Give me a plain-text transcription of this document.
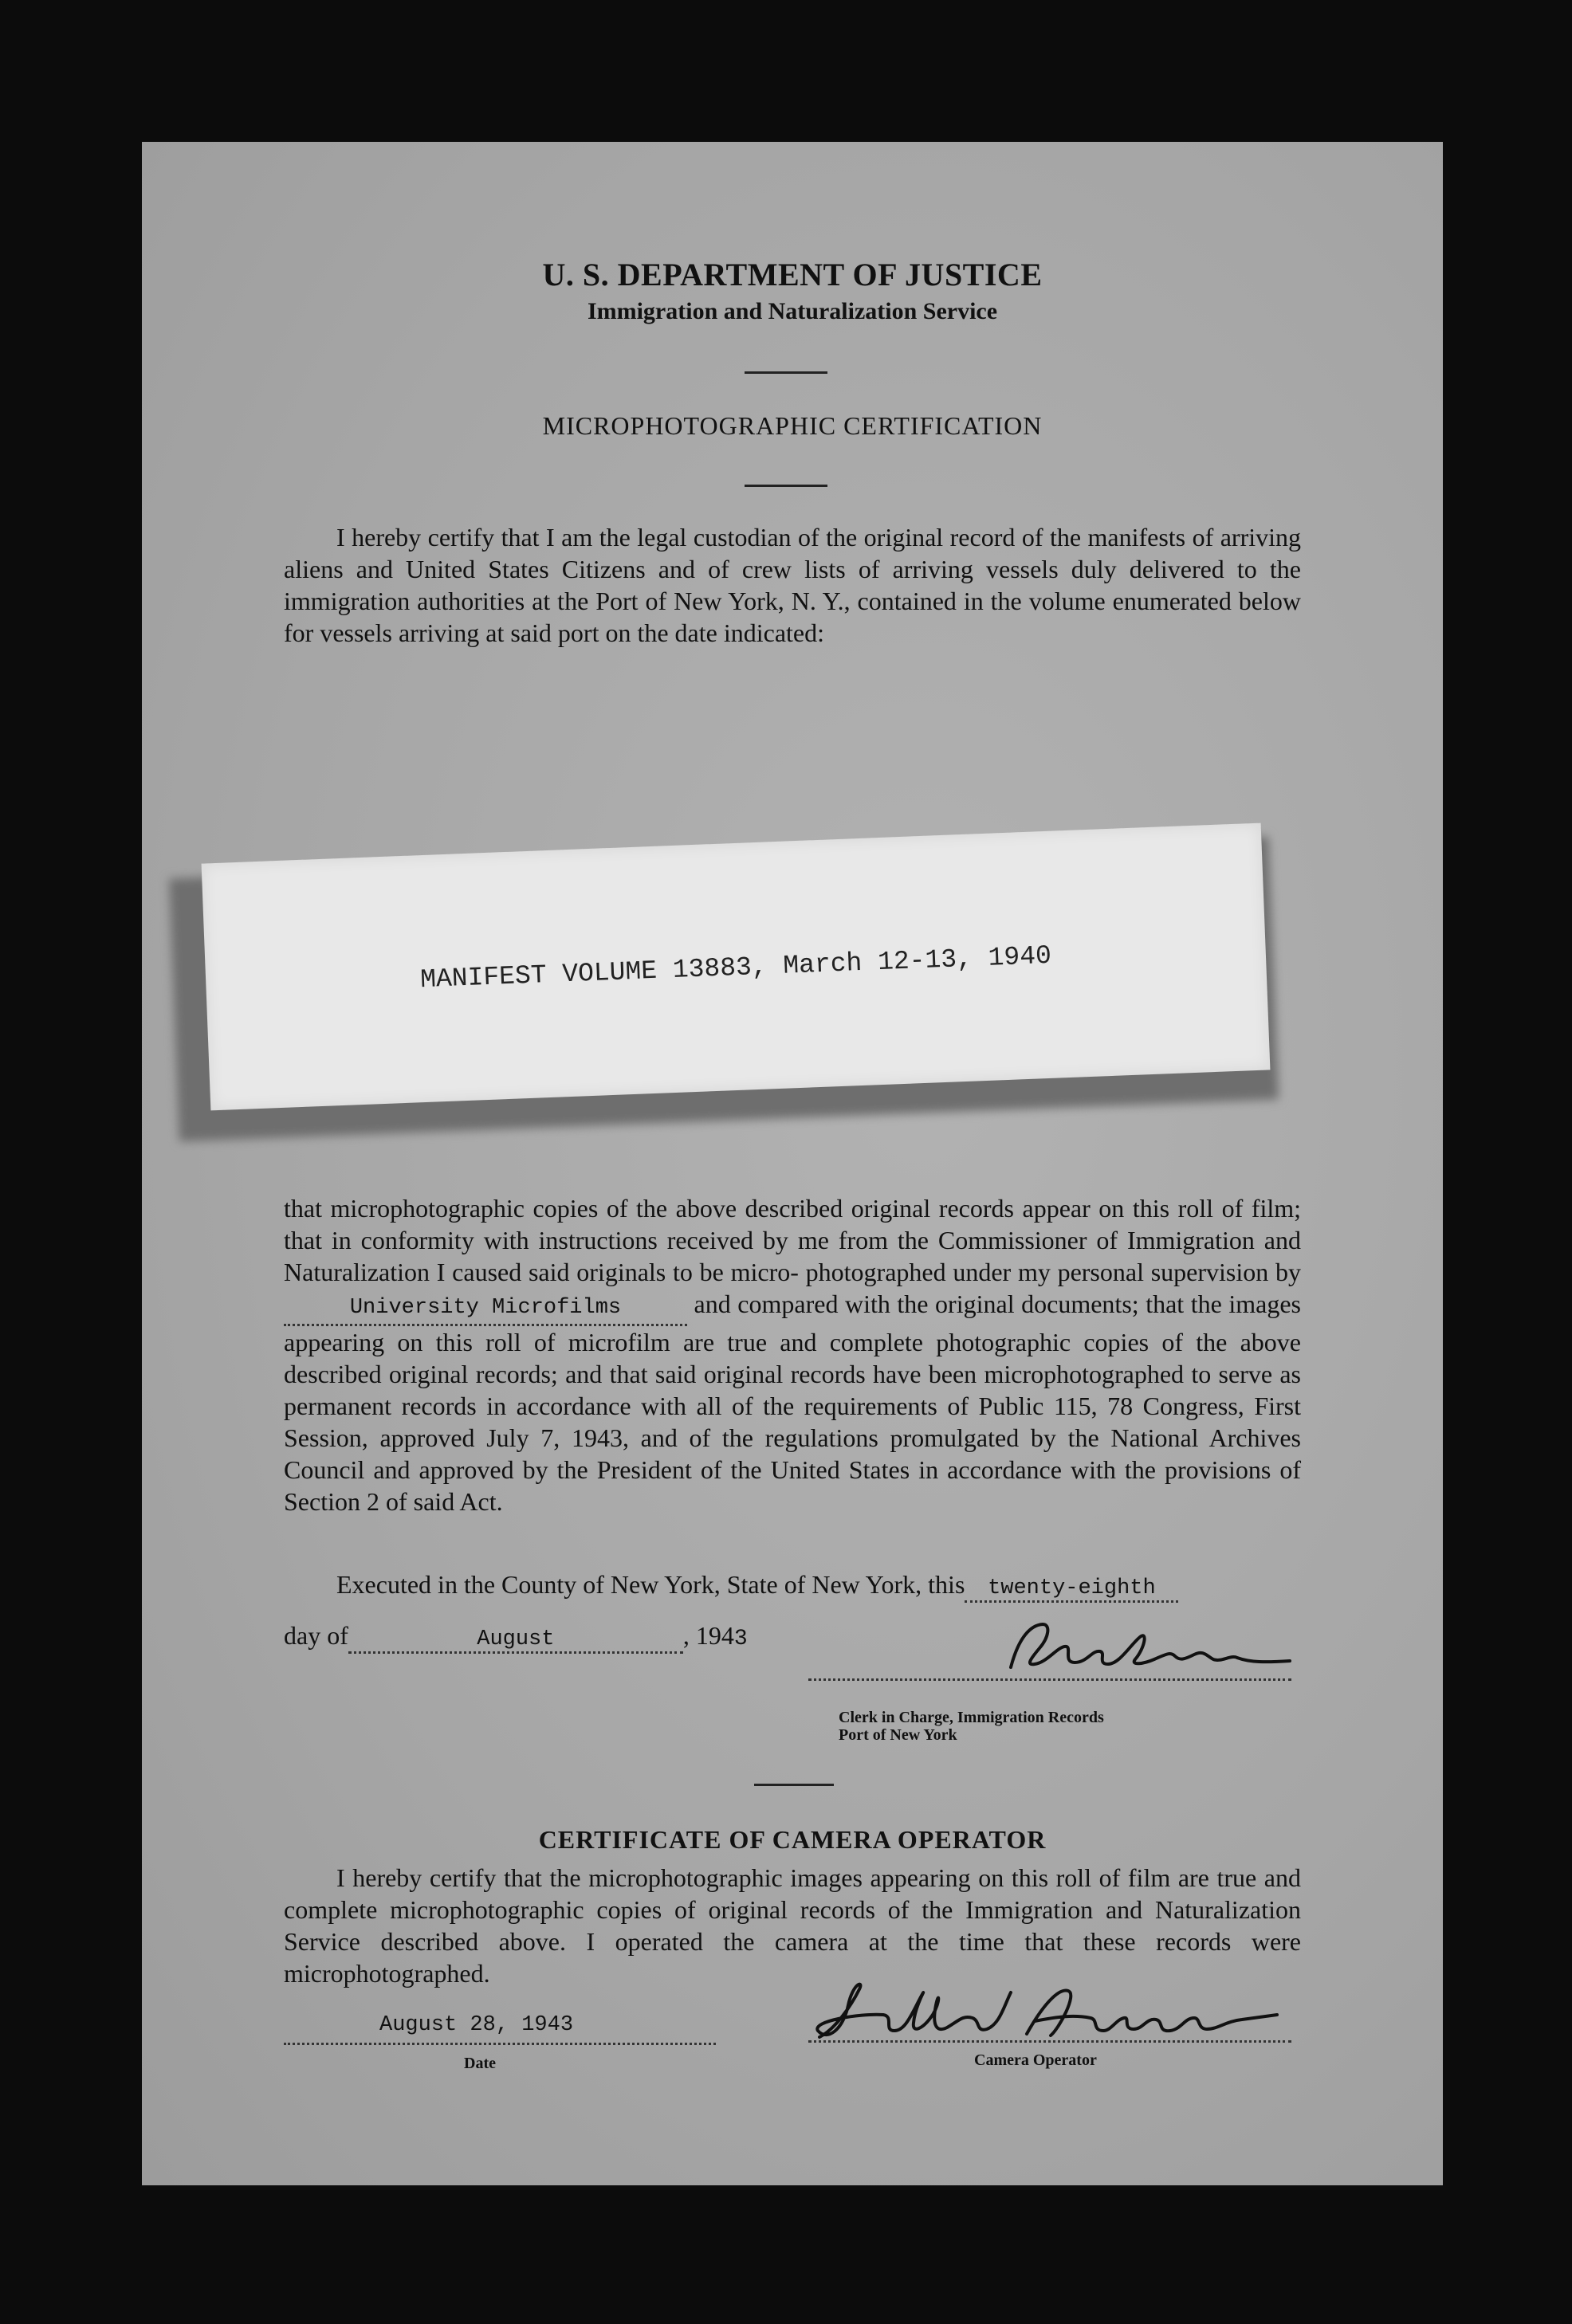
U. S. DEPARTMENT OF JUSTICE
Immigration and Naturalization Service
MICROPHOTOGRAPHIC CERTIFICATION
I hereby certify that I am the legal custodian of the original record of the manifests of arriving aliens and United States Citizens and of crew lists of arriving vessels duly delivered to the immigration authorities at the Port of New York, N. Y., contained in the volume enumerated below for vessels arriving at said port on the date indicated:
MANIFEST VOLUME 13883, March 12-13, 1940
that microphotographic copies of the above described original records appear on this roll of film; that in conformity with instructions received by me from the Commissioner of Immigration and Naturalization I caused said originals to be micro- photographed under my personal supervision byUniversity Microfilms	and compared with the original documents; that the images appearing on this roll of microfilm are true and complete photographic copies of the above described original records; and that said original records have been microphotographed to serve as permanent records in accordance with all of the requirements of Public 115, 78 Congress, First Session, approved July 7, 1943, and of the regulations promulgated by the National Archives Council and approved by the President of the United States in accordance with the provisions of Section 2 of said Act.
Executed in the County of New York, State of New York, this twenty-eighth
day of	August	, 1943
Geo. Ascan
Clerk in Charge, Immigration Records
Port of New York
CERTIFICATE OF CAMERA OPERATOR
I hereby certify that the microphotographic images appearing on this roll of film are true and complete microphotographic copies of original records of the Immigration and Naturalization Service described above. I operated the camera at the time that these records were microphotographed.
August 28, 1943
Date
Hallah Alexander
Camera Operator
